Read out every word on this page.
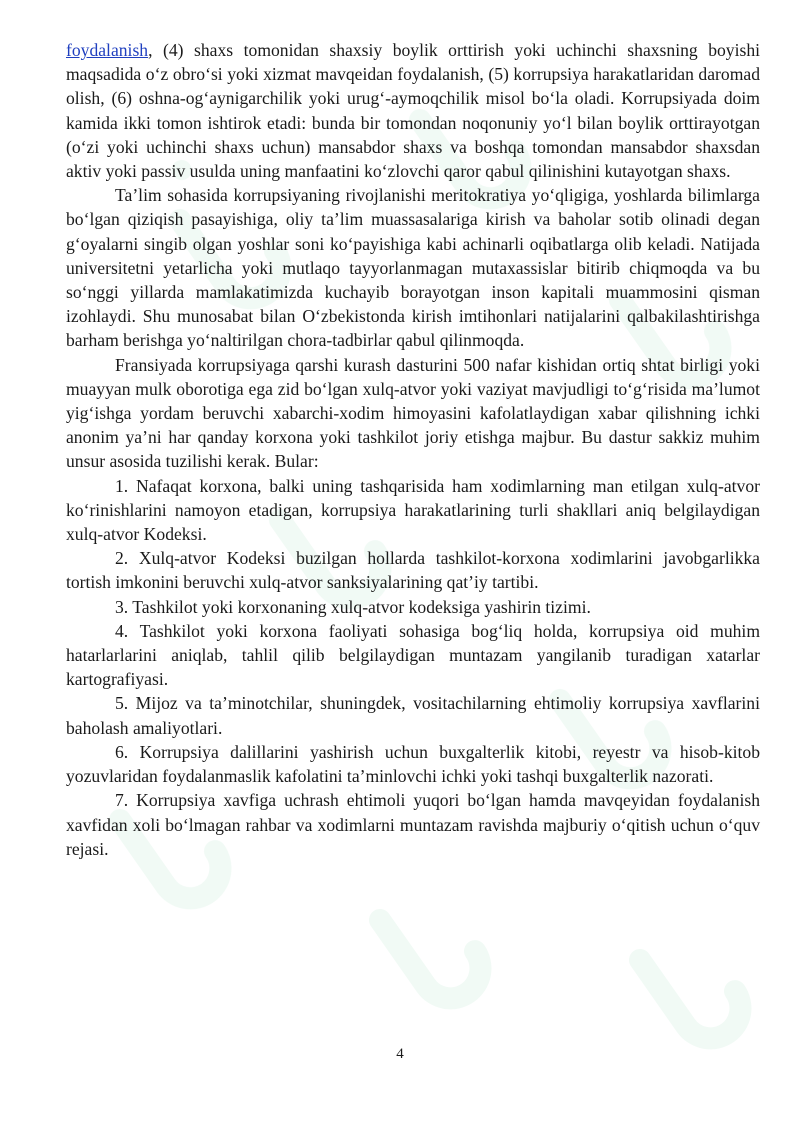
foydalanish, (4) shaxs tomonidan shaxsiy boylik orttirish yoki uchinchi shaxsning boyishi maqsadida o‘z obro‘si yoki xizmat mavqeidan foydalanish, (5) korrupsiya harakatlaridan daromad olish, (6) oshna-og‘aynigarchilik yoki urug‘-aymoqchilik misol bo‘la oladi. Korrupsiyada doim kamida ikki tomon ishtirok etadi: bunda bir tomondan noqonuniy yo‘l bilan boylik orttirayotgan (o‘zi yoki uchinchi shaxs uchun) mansabdor shaxs va boshqa tomondan mansabdor shaxsdan aktiv yoki passiv usulda uning manfaatini ko‘zlovchi qaror qabul qilinishini kutayotgan shaxs.

Ta’lim sohasida korrupsiyaning rivojlanishi meritokratiya yo‘qligiga, yoshlarda bilimlarga bo‘lgan qiziqish pasayishiga, oliy ta’lim muassasalariga kirish va baholar sotib olinadi degan g‘oyalarni singib olgan yoshlar soni ko‘payishiga kabi achinarli oqibatlarga olib keladi. Natijada universitetni yetarlicha yoki mutlaqo tayyorlanmagan mutaxassislar bitirib chiqmoqda va bu so‘nggi yillarda mamlakatimizda kuchayib borayotgan inson kapitali muammosini qisman izohlaydi. Shu munosabat bilan O‘zbekistonda kirish imtihonlari natijalarini qalbakilashtirishga barham berishga yo‘naltirilgan chora-tadbirlar qabul qilinmoqda.

Fransiyada korrupsiyaga qarshi kurash dasturini 500 nafar kishidan ortiq shtat birligi yoki muayyan mulk oborotiga ega zid bo‘lgan xulq-atvor yoki vaziyat mavjudligi to‘g‘risida ma’lumot yig‘ishga yordam beruvchi xabarchi-xodim himoyasini kafolatlaydigan xabar qilishning ichki anonim ya’ni har qanday korxona yoki tashkilot joriy etishga majbur. Bu dastur sakkiz muhim unsur asosida tuzilishi kerak. Bular:

1. Nafaqat korxona, balki uning tashqarisida ham xodimlarning man etilgan xulq-atvor ko‘rinishlarini namoyon etadigan, korrupsiya harakatlarining turli shakllari aniq belgilaydigan xulq-atvor Kodeksi.

2. Xulq-atvor Kodeksi buzilgan hollarda tashkilot-korxona xodimlarini javobgarlikka tortish imkonini beruvchi xulq-atvor sanksiyalarining qat’iy tartibi.

3. Tashkilot yoki korxonaning xulq-atvor kodeksiga yashirin tizimi.

4. Tashkilot yoki korxona faoliyati sohasiga bog‘liq holda, korrupsiya oid muhim hatarlarlarini aniqlab, tahlil qilib belgilaydigan muntazam yangilanib turadigan xatarlar kartografiyasi.

5. Mijoz va ta’minotchilar, shuningdek, vositachilarning ehtimoliy korrupsiya xavflarini baholash amaliyotlari.

6. Korrupsiya dalillarini yashirish uchun buxgalterlik kitobi, reyestr va hisob-kitob yozuvlaridan foydalanmaslik kafolatini ta’minlovchi ichki yoki tashqi buxgalterlik nazorati.

7. Korrupsiya xavfiga uchrash ehtimoli yuqori bo‘lgan hamda mavqeyidan foydalanish xavfidan xoli bo‘lmagan rahbar va xodimlarni muntazam ravishda majburiy o‘qitish uchun o‘quv rejasi.

4
